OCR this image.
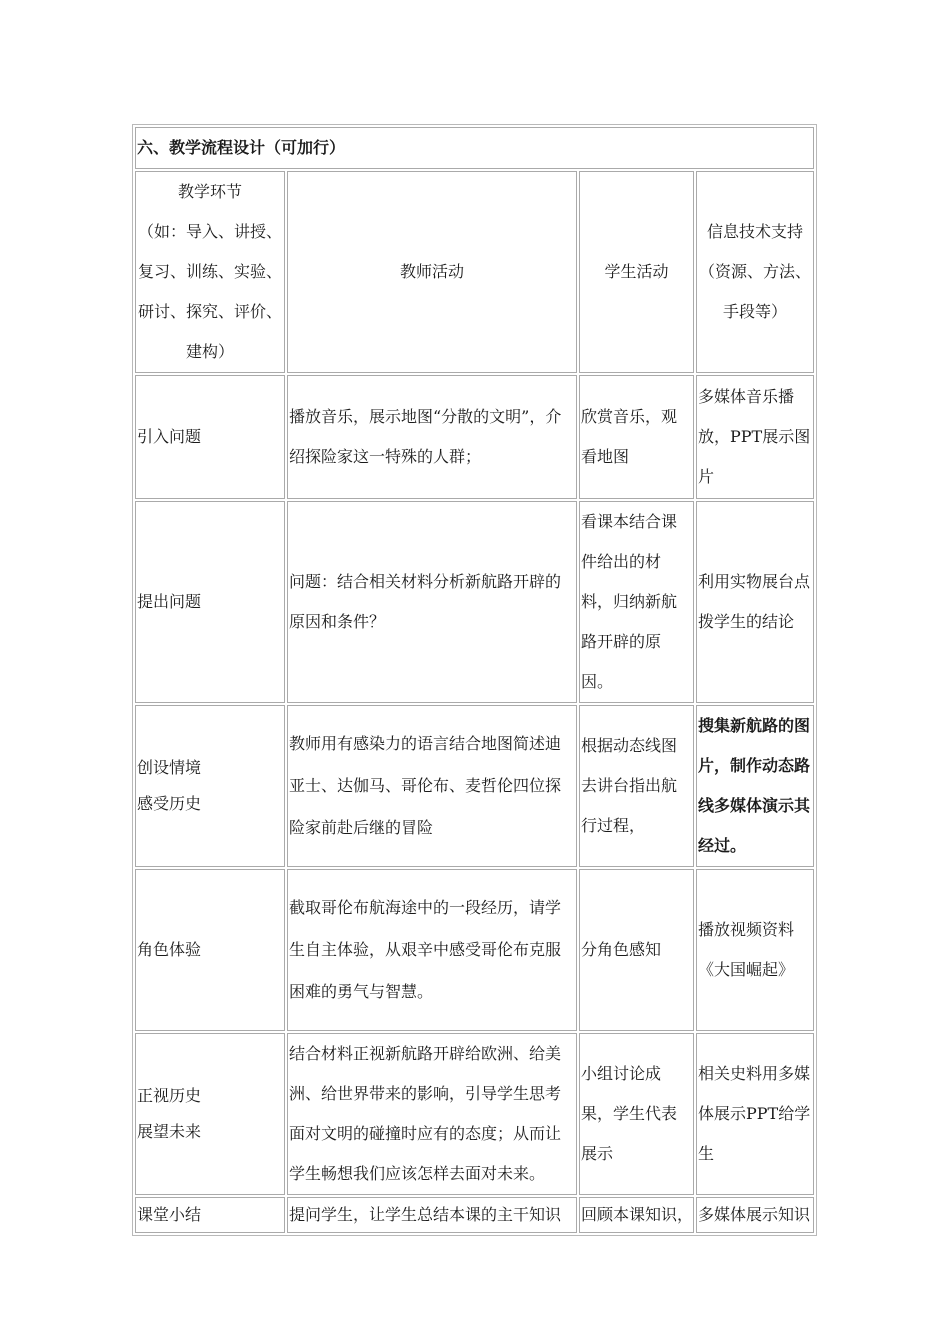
六、教学流程设计（可加行）			

教学环节
（如：导入、讲授、
复习、训练、实验、
研讨、探究、评价、
建构）	教师活动	学生活动	信息技术支持
（资源、方法、
手段等）

引入问题	播放音乐，展示地图“分散的文明”，介绍探险家这一特殊的人群；	欣赏音乐，观看地图	多媒体音乐播放，PPT展示图片

提出问题	问题：结合相关材料分析新航路开辟的原因和条件？	看课本结合课件给出的材料，归纳新航路开辟的原因。	利用实物展台点拨学生的结论

创设情境
感受历史	教师用有感染力的语言结合地图简述迪亚士、达伽马、哥伦布、麦哲伦四位探险家前赴后继的冒险	根据动态线图去讲台指出航行过程，	搜集新航路的图片，制作动态路线多媒体演示其经过。

角色体验	截取哥伦布航海途中的一段经历，请学生自主体验，从艰辛中感受哥伦布克服困难的勇气与智慧。	分角色感知	播放视频资料《大国崛起》

正视历史
展望未来	结合材料正视新航路开辟给欧洲、给美洲、给世界带来的影响，引导学生思考面对文明的碰撞时应有的态度；从而让学生畅想我们应该怎样去面对未来。	小组讨论成果，学生代表展示	相关史料用多媒体展示PPT给学生

课堂小结	提问学生，让学生总结本课的主干知识	回顾本课知识，	多媒体展示知识
